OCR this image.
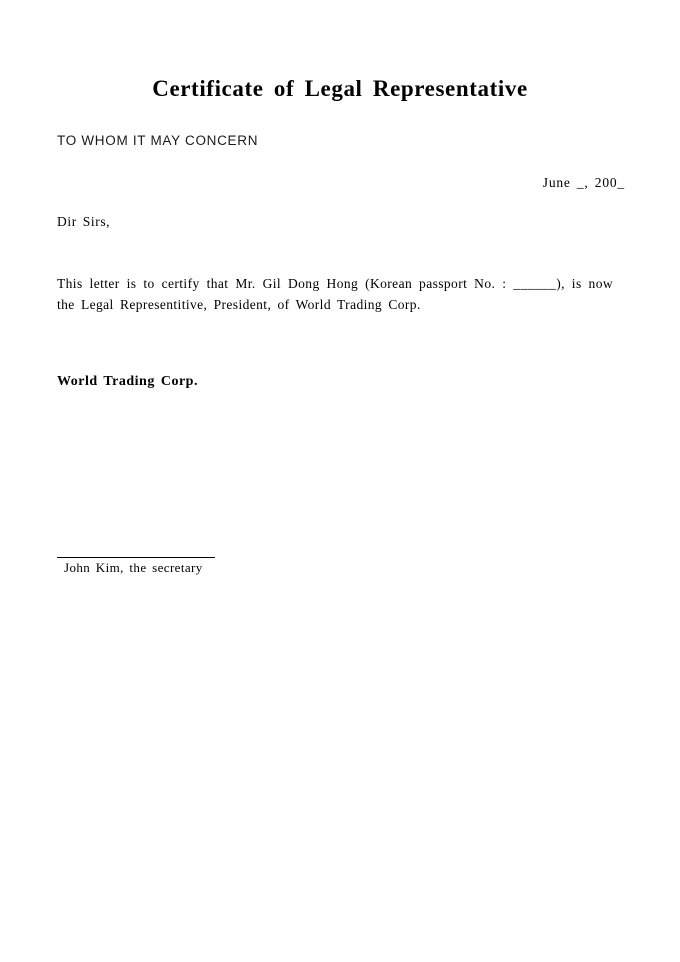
Certificate of Legal Representative
TO WHOM IT MAY CONCERN
June _, 200_
Dir Sirs,
This letter is to certify that Mr. Gil Dong Hong (Korean passport No. : ______), is now the Legal Representitive, President, of World Trading Corp.
World Trading Corp.
John Kim, the secretary
